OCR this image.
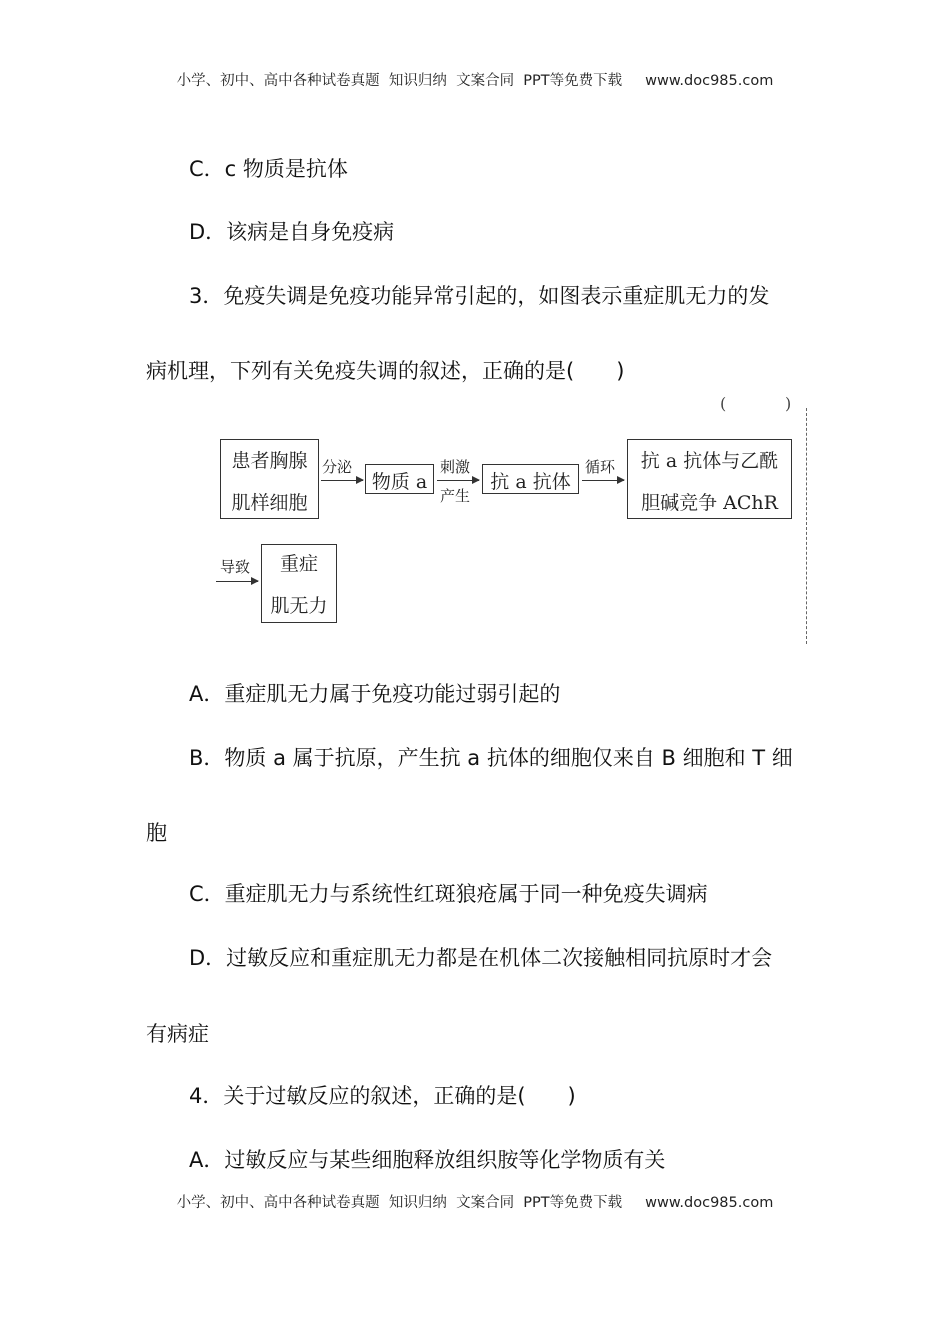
小学、初中、高中各种试卷真题  知识归纳  文案合同  PPT等免费下载     www.doc985.com
C．c 物质是抗体
D．该病是自身免疫病
3．免疫失调是免疫功能异常引起的，如图表示重症肌无力的发
病机理，下列有关免疫失调的叙述，正确的是(　　)
(	)
患者胸腺
肌样细胞
分泌
物质 a
刺激
产生
抗 a 抗体
循环	抗 a 抗体与乙酰
胆碱竞争 AChR
导致	重症
肌无力
A．重症肌无力属于免疫功能过弱引起的
B．物质 a 属于抗原，产生抗 a 抗体的细胞仅来自 B 细胞和 T 细
胞
C．重症肌无力与系统性红斑狼疮属于同一种免疫失调病
D．过敏反应和重症肌无力都是在机体二次接触相同抗原时才会
有病症
4．关于过敏反应的叙述，正确的是(　　)
A．过敏反应与某些细胞释放组织胺等化学物质有关
小学、初中、高中各种试卷真题  知识归纳  文案合同  PPT等免费下载     www.doc985.com
